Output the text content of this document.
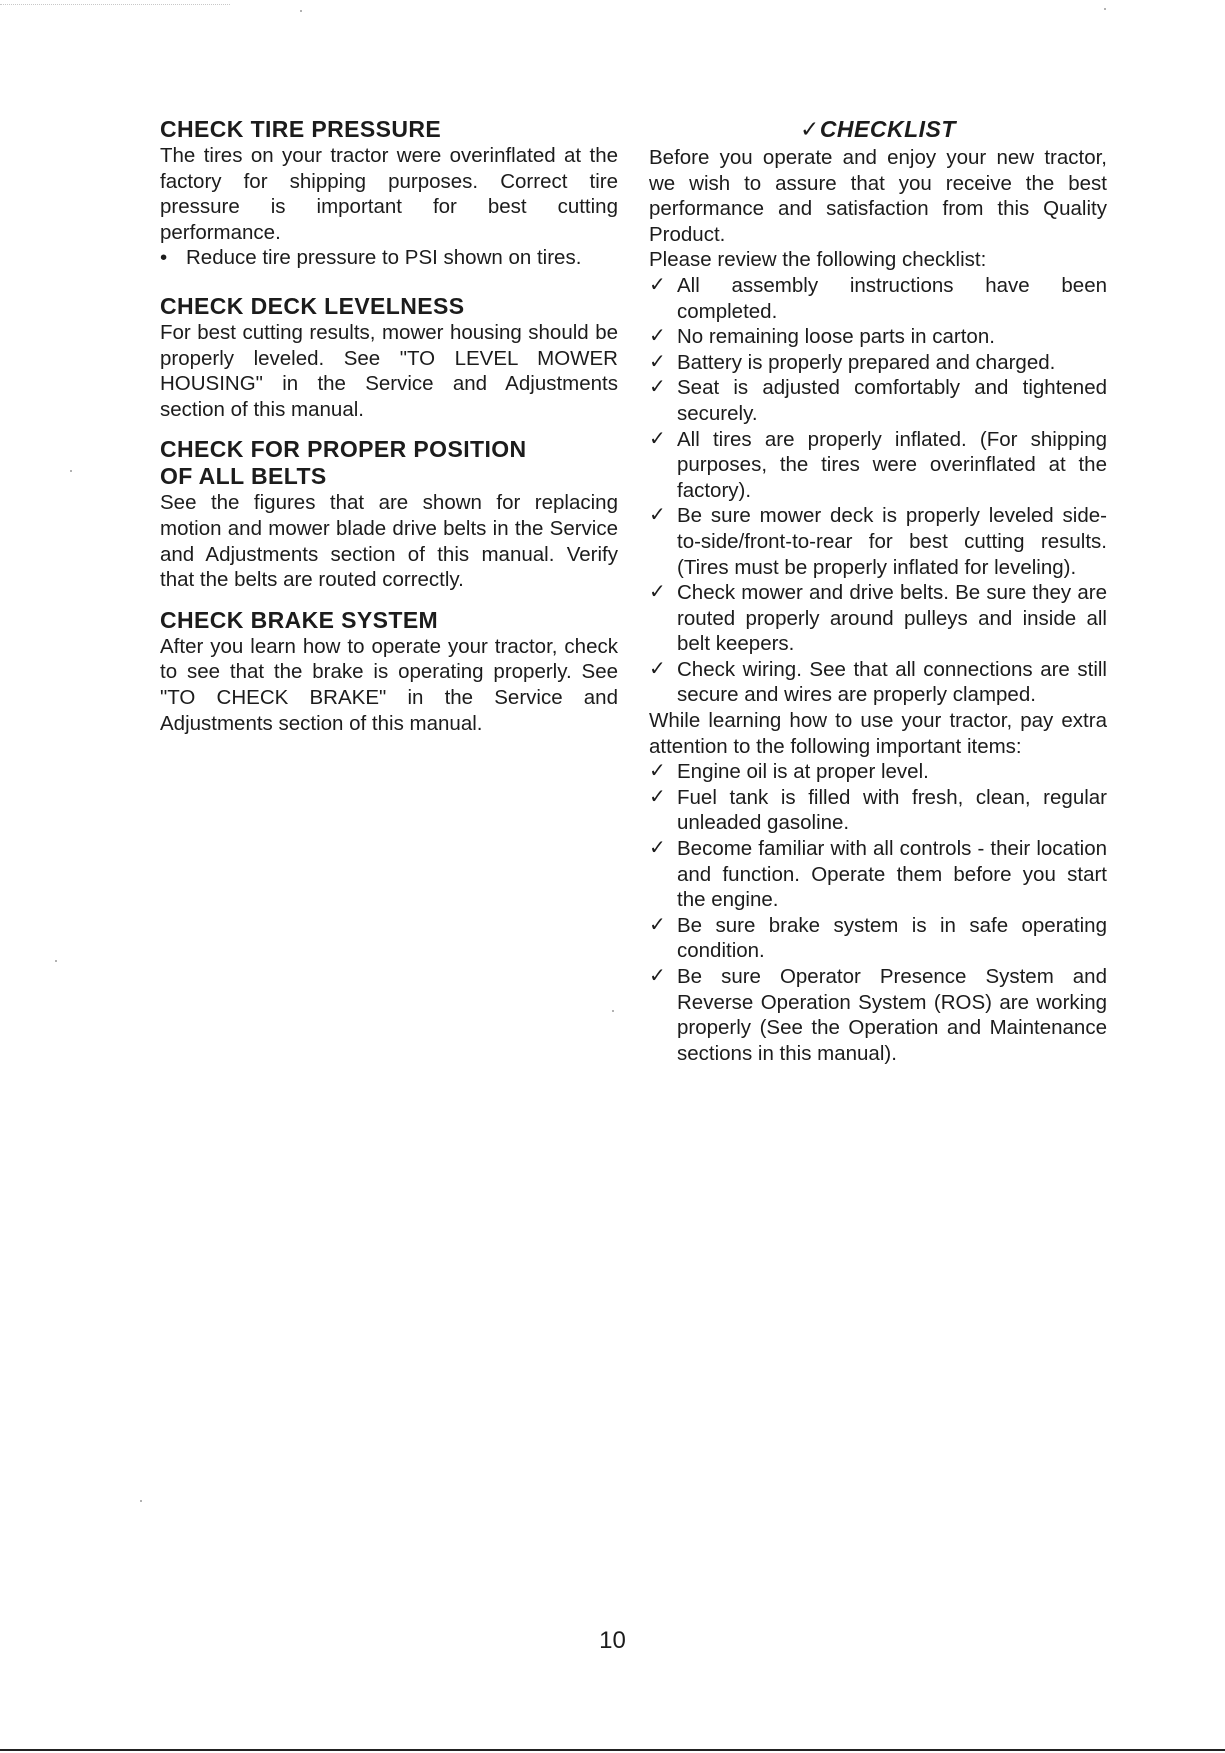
CHECK TIRE PRESSURE

The tires on your tractor were overinflated at the factory for shipping purposes. Correct tire pressure is important for best cutting performance.

• Reduce tire pressure to PSI shown on tires.

CHECK DECK LEVELNESS

For best cutting results, mower housing should be properly leveled. See "TO LEVEL MOWER HOUSING" in the Service and Adjustments section of this manual.

CHECK FOR PROPER POSITION
OF ALL BELTS

See the figures that are shown for replacing motion and mower blade drive belts in the Service and Adjustments section of this manual. Verify that the belts are routed correctly.

CHECK BRAKE SYSTEM

After you learn how to operate your tractor, check to see that the brake is operating properly. See "TO CHECK BRAKE" in the Service and Adjustments section of this manual.

✓CHECKLIST

Before you operate and enjoy your new tractor, we wish to assure that you receive the best performance and satisfaction from this Quality Product.

Please review the following checklist:

✓ All assembly instructions have been completed.
✓ No remaining loose parts in carton.
✓ Battery is properly prepared and charged.
✓ Seat is adjusted comfortably and tightened securely.
✓ All tires are properly inflated. (For shipping purposes, the tires were overinflated at the factory).
✓ Be sure mower deck is properly leveled side-to-side/front-to-rear for best cutting results. (Tires must be properly inflated for leveling).
✓ Check mower and drive belts. Be sure they are routed properly around pulleys and inside all belt keepers.
✓ Check wiring. See that all connections are still secure and wires are properly clamped.

While learning how to use your tractor, pay extra attention to the following important items:

✓ Engine oil is at proper level.
✓ Fuel tank is filled with fresh, clean, regular unleaded gasoline.
✓ Become familiar with all controls - their location and function. Operate them before you start the engine.
✓ Be sure brake system is in safe operating condition.
✓ Be sure Operator Presence System and Reverse Operation System (ROS) are working properly (See the Operation and Maintenance sections in this manual).
10
